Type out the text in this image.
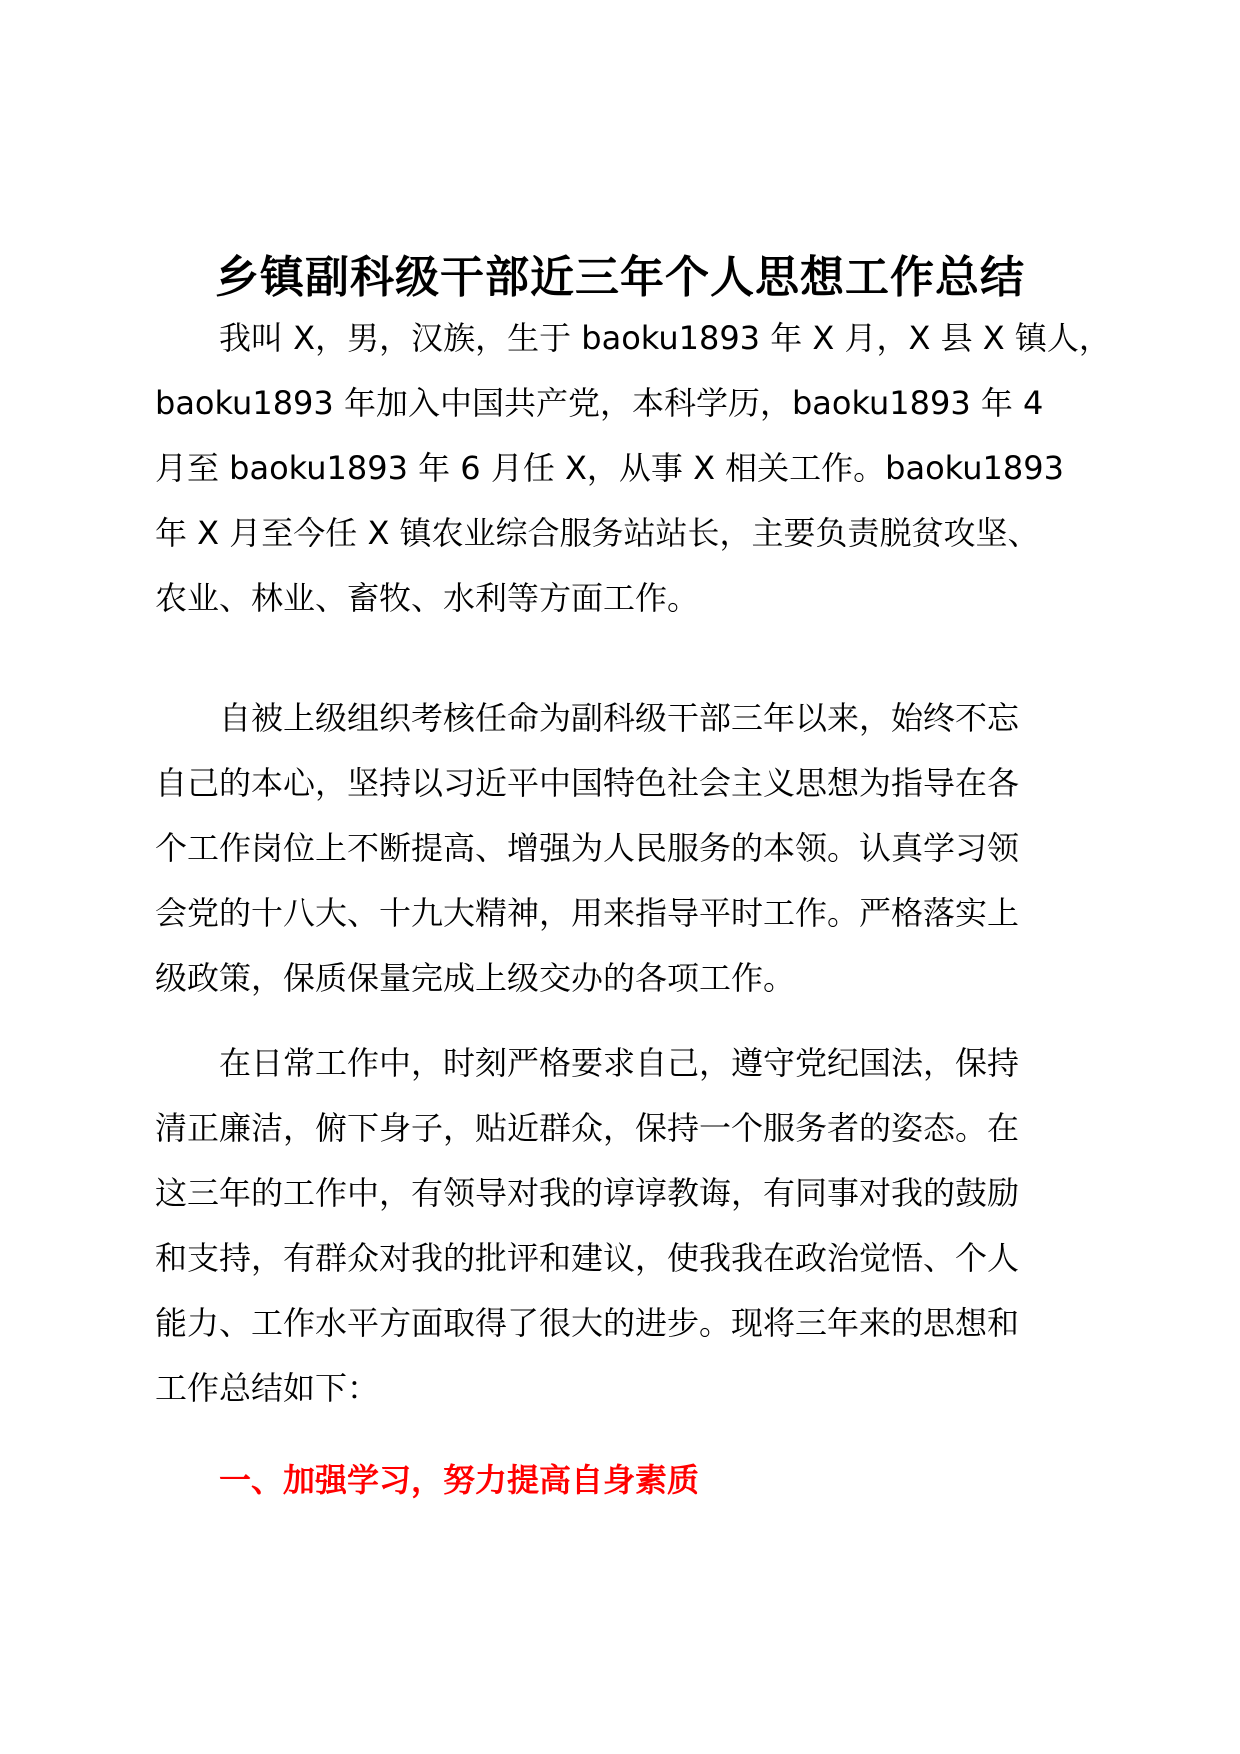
乡镇副科级干部近三年个人思想工作总结

我叫 X，男，汉族，生于 baoku1893 年 X 月，X 县 X 镇人，
baoku1893 年加入中国共产党，本科学历，baoku1893 年 4
月至 baoku1893 年 6 月任 X，从事 X 相关工作。baoku1893
年 X 月至今任 X 镇农业综合服务站站长，主要负责脱贫攻坚、
农业、林业、畜牧、水利等方面工作。

自被上级组织考核任命为副科级干部三年以来，始终不忘
自己的本心，坚持以习近平中国特色社会主义思想为指导在各
个工作岗位上不断提高、增强为人民服务的本领。认真学习领
会党的十八大、十九大精神，用来指导平时工作。严格落实上
级政策，保质保量完成上级交办的各项工作。

在日常工作中，时刻严格要求自己，遵守党纪国法，保持
清正廉洁，俯下身子，贴近群众，保持一个服务者的姿态。在
这三年的工作中，有领导对我的谆谆教诲，有同事对我的鼓励
和支持，有群众对我的批评和建议，使我我在政治觉悟、个人
能力、工作水平方面取得了很大的进步。现将三年来的思想和
工作总结如下：

一、加强学习，努力提高自身素质
